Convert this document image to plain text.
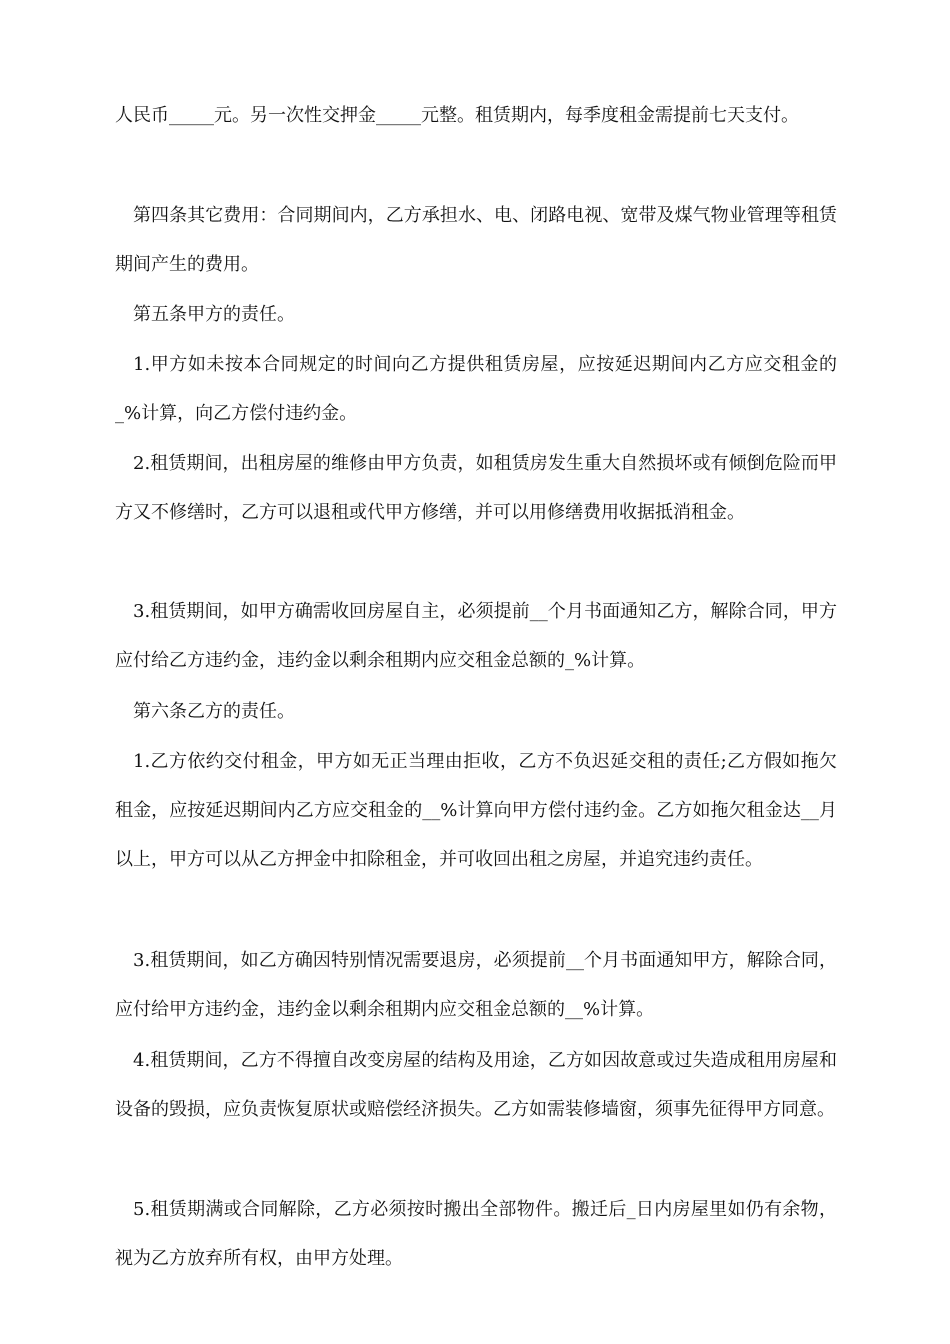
人民币_____元。另一次性交押金_____元整。租赁期内，每季度租金需提前七天支付。

第四条其它费用：合同期间内，乙方承担水、电、闭路电视、宽带及煤气物业管理等租赁期间产生的费用。

第五条甲方的责任。

1.甲方如未按本合同规定的时间向乙方提供租赁房屋，应按延迟期间内乙方应交租金的_%计算，向乙方偿付违约金。

2.租赁期间，出租房屋的维修由甲方负责，如租赁房发生重大自然损坏或有倾倒危险而甲方又不修缮时，乙方可以退租或代甲方修缮，并可以用修缮费用收据抵消租金。

3.租赁期间，如甲方确需收回房屋自主，必须提前__个月书面通知乙方，解除合同，甲方应付给乙方违约金，违约金以剩余租期内应交租金总额的_%计算。

第六条乙方的责任。

1.乙方依约交付租金，甲方如无正当理由拒收，乙方不负迟延交租的责任;乙方假如拖欠租金，应按延迟期间内乙方应交租金的__%计算向甲方偿付违约金。乙方如拖欠租金达__月以上，甲方可以从乙方押金中扣除租金，并可收回出租之房屋，并追究违约责任。

3.租赁期间，如乙方确因特别情况需要退房，必须提前__个月书面通知甲方，解除合同，应付给甲方违约金，违约金以剩余租期内应交租金总额的__%计算。

4.租赁期间，乙方不得擅自改变房屋的结构及用途，乙方如因故意或过失造成租用房屋和设备的毁损，应负责恢复原状或赔偿经济损失。乙方如需装修墙窗，须事先征得甲方同意。

5.租赁期满或合同解除，乙方必须按时搬出全部物件。搬迁后_日内房屋里如仍有余物，视为乙方放弃所有权，由甲方处理。
